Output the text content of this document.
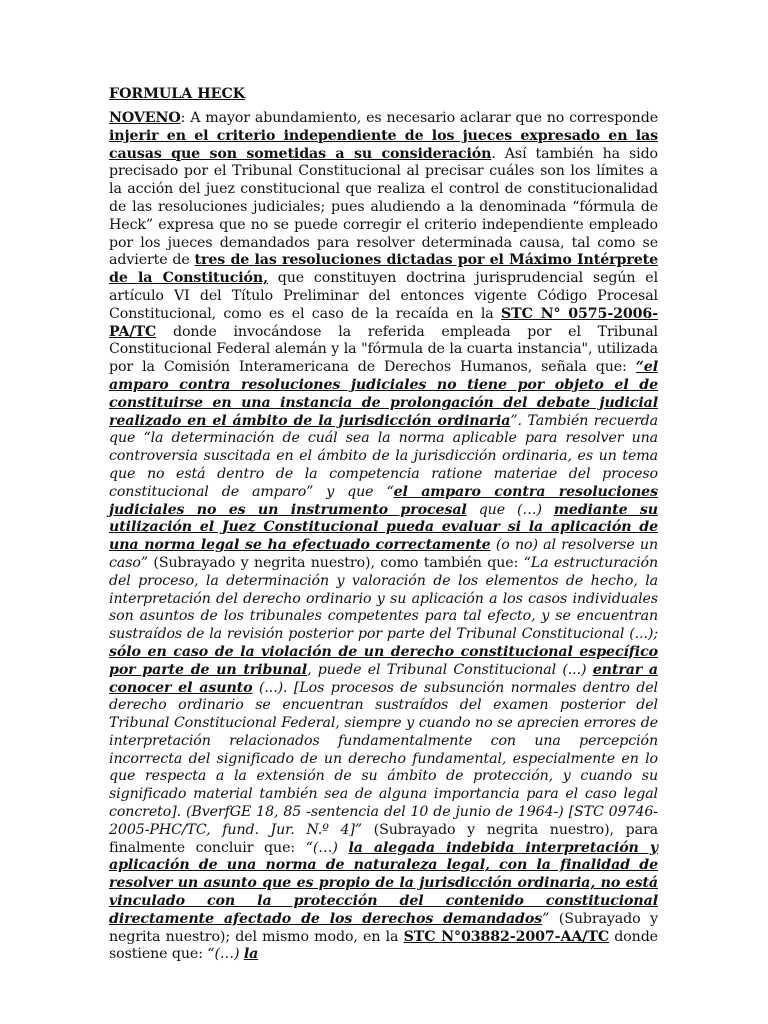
FORMULA HECK
NOVENO: A mayor abundamiento, es necesario aclarar que no corresponde injerir en el criterio independiente de los jueces expresado en las causas que son sometidas a su consideración. Así también ha sido precisado por el Tribunal Constitucional al precisar cuáles son los límites a la acción del juez constitucional que realiza el control de constitucionalidad de las resoluciones judiciales; pues aludiendo a la denominada “fórmula de Heck” expresa que no se puede corregir el criterio independiente empleado por los jueces demandados para resolver determinada causa, tal como se advierte de tres de las resoluciones dictadas por el Máximo Intérprete de la Constitución, que constituyen doctrina jurisprudencial según el artículo VI del Título Preliminar del entonces vigente Código Procesal Constitucional, como es el caso de la recaída en la STC N° 0575-2006-PA/TC donde invocándose la referida empleada por el Tribunal Constitucional Federal alemán y la "fórmula de la cuarta instancia", utilizada por la Comisión Interamericana de Derechos Humanos, señala que: “el amparo contra resoluciones judiciales no tiene por objeto el de constituirse en una instancia de prolongación del debate judicial realizado en el ámbito de la jurisdicción ordinaria”. También recuerda que “la determinación de cuál sea la norma aplicable para resolver una controversia suscitada en el ámbito de la jurisdicción ordinaria, es un tema que no está dentro de la competencia ratione materiae del proceso constitucional de amparo” y que “el amparo contra resoluciones judiciales no es un instrumento procesal que (…) mediante su utilización el Juez Constitucional pueda evaluar si la aplicación de una norma legal se ha efectuado correctamente (o no) al resolverse un caso” (Subrayado y negrita nuestro), como también que: “La estructuración del proceso, la determinación y valoración de los elementos de hecho, la interpretación del derecho ordinario y su aplicación a los casos individuales son asuntos de los tribunales competentes para tal efecto, y se encuentran sustraídos de la revisión posterior por parte del Tribunal Constitucional (...); sólo en caso de la violación de un derecho constitucional específico por parte de un tribunal, puede el Tribunal Constitucional (...) entrar a conocer el asunto (...). [Los procesos de subsunción normales dentro del derecho ordinario se encuentran sustraídos del examen posterior del Tribunal Constitucional Federal, siempre y cuando no se aprecien errores de interpretación relacionados fundamentalmente con una percepción incorrecta del significado de un derecho fundamental, especialmente en lo que respecta a la extensión de su ámbito de protección, y cuando su significado material también sea de alguna importancia para el caso legal concreto]. (BverfGE 18, 85 -sentencia del 10 de junio de 1964-) [STC 09746-2005-PHC/TC, fund. Jur. N.º 4]” (Subrayado y negrita nuestro), para finalmente concluir que: “(…) la alegada indebida interpretación y aplicación de una norma de naturaleza legal, con la finalidad de resolver un asunto que es propio de la jurisdicción ordinaria, no está vinculado con la protección del contenido constitucional directamente afectado de los derechos demandados” (Subrayado y negrita nuestro); del mismo modo, en la STC N°03882-2007-AA/TC donde sostiene que: “(…) la
